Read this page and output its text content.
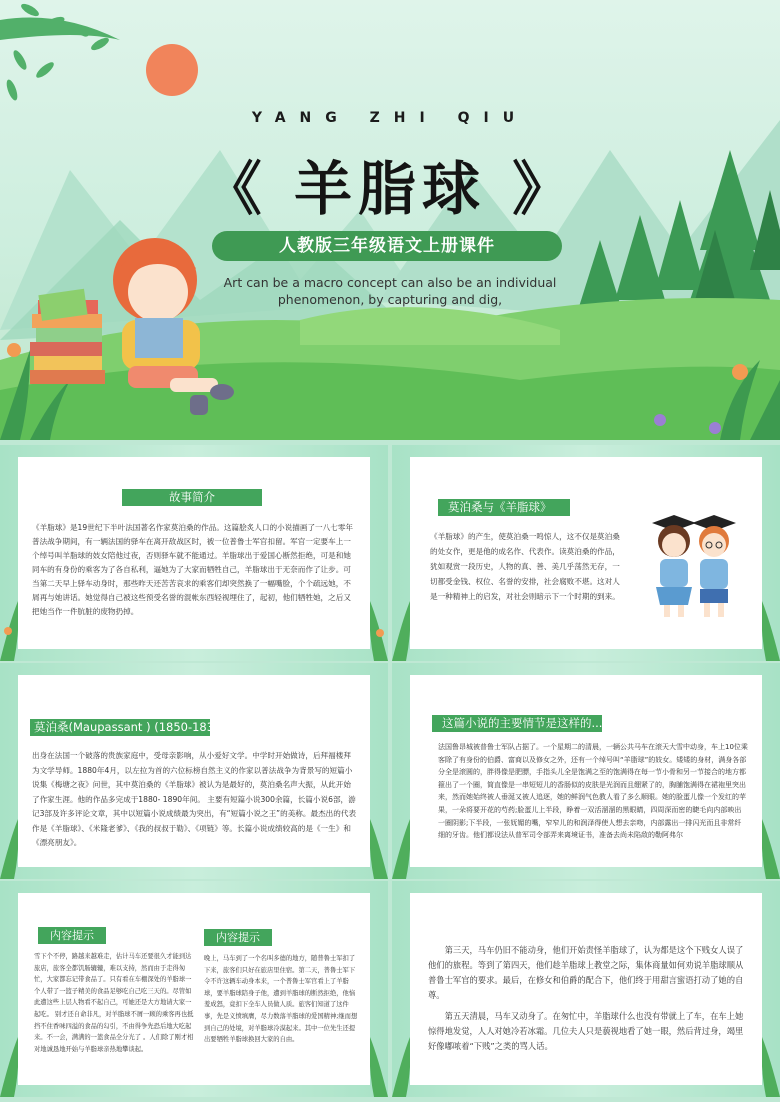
YANG ZHI QIU
《 羊脂球 》
人教版三年级语文上册课件
Art can be a macro concept can also be an individual
phenomenon, by capturing and dig,
故事简介
《羊脂球》是19世纪下半叶法国著名作家莫泊桑的作品。这篇脍炙人口的小说描画了一八七零年普法战争期间，有一辆法国的驿车在离开敌战区时，被一位普鲁士军官扣留。军官一定要车上一个绰号叫羊脂球的妓女陪他过夜，否则驿车就不能通过。羊脂球出于爱国心断然拒绝，可是和她同车的有身份的乘客为了各自私利，逼她为了大家而牺牲自己，羊脂球出于无奈而作了让步。可当第二天早上驿车动身时，那些昨天还苦苦哀求的乘客们却突然换了一幅嘴脸，个个疏远她，不屑再与她讲话。她觉得自己被这些预受名誉的混帐东西轻视埋住了，起初，他们牺牲她，之后又把她当作一件肮脏的废物扔掉。
莫泊桑与《羊脂球》
《羊脂球》的产生，使莫泊桑一鸣惊人，这不仅是莫泊桑的处女作，更是他的成名作、代表作。读莫泊桑的作品，犹如观赏一段历史，人物的真、善、美几乎荡然无存，一切都受金钱、权位、名誉的安排，社会腐败不堪。这对人是一种精神上的启发，对社会则暗示下一个时期的到来。
莫泊桑(Maupassant ) (1850-1839 )
出身在法国一个破落的贵族家庭中，受母亲影响，从小爱好文学。中学时开始做诗，后拜福楼拜为文学导师。1880年4月，以左拉为首的六位标榜自然主义的作家以普法战争为背景写的短篇小说集《梅塘之夜》问世，其中莫泊桑的《羊脂球》被认为是最好的，莫泊桑名声大振，从此开始了作家生涯。他的作品多完成于1880- 1890年间。 主要有短篇小说300余篇，长篇小说6部，游记3部及许多评论文章，其中以短篇小说成绩最为突出，有“短篇小说之王”的美称。最杰出的代表作是《羊脂球》、《米隆老爹》、《我的叔叔于勒》、《项链》等。长篇小说成绩较高的是《一生》和《漂亮朋友》。
这篇小说的主要情节是这样的.....
法国鲁昂城被普鲁士军队占据了。一个星期二的清晨，一辆公共马车在滚天大雪中动身，车上10位乘客除了有身份的伯爵、富商以及修女之外，还有一个绰号叫“羊脂球”的妓女。矮矮的身材，满身各部分全是滚圆的，胖得像是肥膘，手指头儿全是饱满之至的饱满得在每一节小骨和另一节接合的地方都箍出了一个圈，简直像是一串短短儿的香肠似的皮肤是光润而且绷紧了的，胸脯饱满得在裙袍里突出来，然而她始终被人垂涎又被人追逐，她的鲜润气色教人看了多么顺眼。她的脸蛋儿像一个发红的苹果，一朵将要开花的芍药;脸蛋儿上半段，睁着一双活溜溜的黑眼睛，四周深而密的睫毛向内部映出一圈阴影;下半段，一张妩媚的嘴，窄窄儿的和润泽得使人想去亲吻，内部露出一排闪光而且非常纤细的牙齿。他们都设法从普军司令部弄来离境证书，准备去尚未陷敌的勒阿弗尔
内容提示	内容提示
雪下个不停，路越来越难走，估计马车还要很久才能到达旅店，旅客全都饥肠辘辘，难以支持，然而由于走得匆忙，大家都忘记带食品了。只有看在车棚深处的羊脂球一个人带了一篮子精美的食品足够吃自己吃三天的。尽管如此遭这些上层人物看不起自己，可她还是大方地请大家一起吃。 别才还自命非凡，对羊脂球不屑一顾的乘客再也抵挡不住香味四溢的食品的勾引，不由得争先恐后地大吃起来。不一会，满满的一篮食品全分光了 。人们除了刚才相对地诚恳地开始与羊脂球亲热地攀谈起。
晚上，马车到了一个名叫多德的地方，随普鲁士军扣了下来，旅客们只好在旅店里住宿。第二天，普鲁士军下令不许这辆车动身本来，一个普鲁士军官看上了羊脂球，要羊脂球陪身子他，遭到羊脂球的断然拒绝，他恼羞成怒，竟扣下全车人员做人质。旅客们知道了这件事，先是义愤填膺，尽力数落羊脂球的爱国精神;继而想到自己的处境，对羊脂球冷漠起来。其中一位先生还提出要牺牲羊脂球换回大家的自由。

第三天，马车仍旧不能动身，他们开始责怪羊脂球了，认为都是这个下贱女人误了他们的旅程。等到了第四天，他们趁羊脂球上教堂之际，集体商量如何劝说羊脂球顺从普鲁士军官的要求。最后，在修女和伯爵的配合下，他们终于用甜言蜜语打动了她的自尊。

第五天清晨，马车又动身了。在匆忙中，羊脂球什么也没有带就上了车，在车上她惊得地发觉，人人对她冷若冰霜。几位夫人只是藐视地看了她一眼，然后背过身，竭里好像嘟哝着“下贱”之类的骂人话。
